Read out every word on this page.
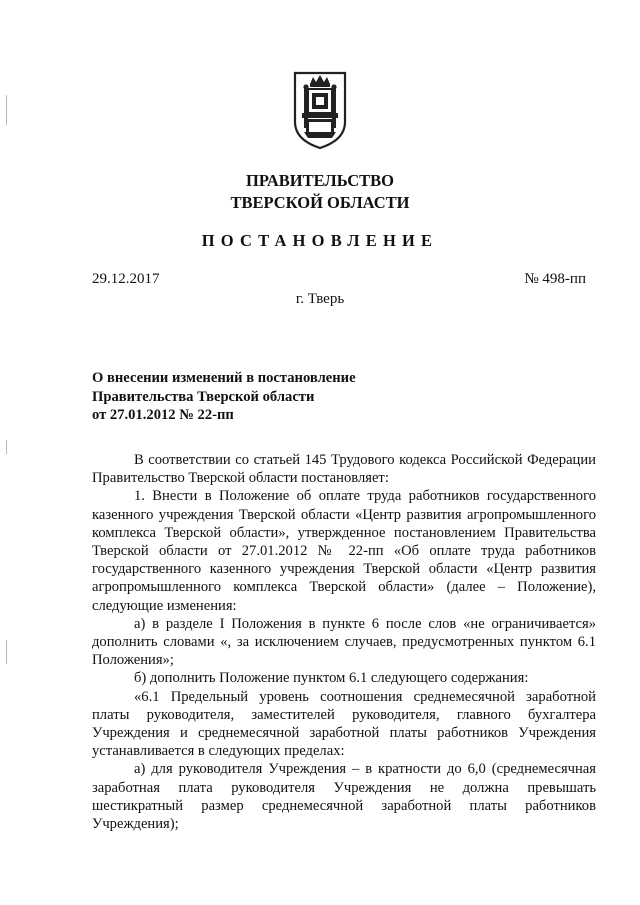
ПРАВИТЕЛЬСТВО
ТВЕРСКОЙ ОБЛАСТИ
ПОСТАНОВЛЕНИЕ
29.12.2017	№ 498-пп
г. Тверь
О внесении изменений в постановление
Правительства Тверской области
от 27.01.2012 № 22-пп

В соответствии со статьей 145 Трудового кодекса Российской Федерации Правительство Тверской области постановляет:

1. Внести в Положение об оплате труда работников государственного казенного учреждения Тверской области «Центр развития агропромышленного комплекса Тверской области», утвержденное постановлением Правительства Тверской области от 27.01.2012 № 22-пп «Об оплате труда работников государственного казенного учреждения Тверской области «Центр развития агропромышленного комплекса Тверской области» (далее – Положение), следующие изменения:

а) в разделе I Положения в пункте 6 после слов «не ограничивается» дополнить словами «, за исключением случаев, предусмотренных пунктом 6.1 Положения»;

б) дополнить Положение пунктом 6.1 следующего содержания:

«6.1 Предельный уровень соотношения среднемесячной заработной платы руководителя, заместителей руководителя, главного бухгалтера Учреждения и среднемесячной заработной платы работников Учреждения устанавливается в следующих пределах:

а) для руководителя Учреждения – в кратности до 6,0 (среднемесячная заработная плата руководителя Учреждения не должна превышать шестикратный размер среднемесячной заработной платы работников Учреждения);
